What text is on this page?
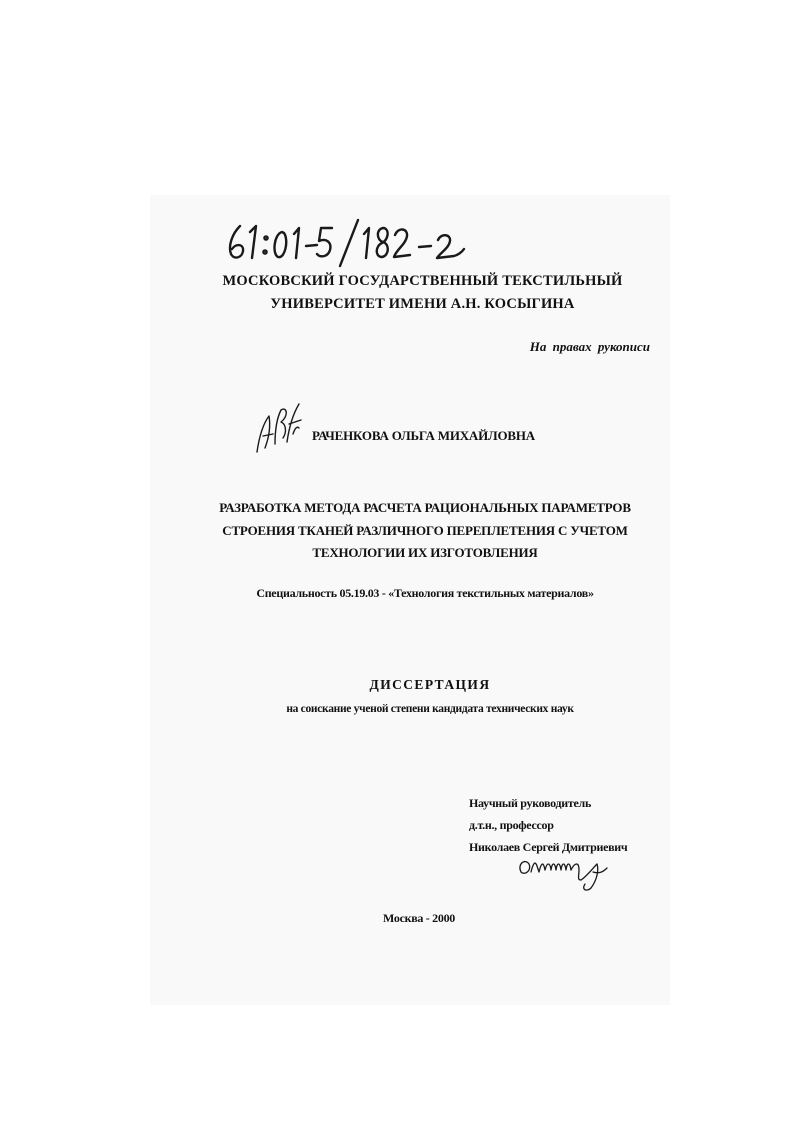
МОСКОВСКИЙ ГОСУДАРСТВЕННЫЙ ТЕКСТИЛЬНЫЙ
УНИВЕРСИТЕТ ИМЕНИ А.Н. КОСЫГИНА
На правах рукописи
РАЧЕНКОВА ОЛЬГА МИХАЙЛОВНА
РАЗРАБОТКА МЕТОДА РАСЧЕТА РАЦИОНАЛЬНЫХ ПАРАМЕТРОВ
СТРОЕНИЯ ТКАНЕЙ РАЗЛИЧНОГО ПЕРЕПЛЕТЕНИЯ С УЧЕТОМ
ТЕХНОЛОГИИ ИХ ИЗГОТОВЛЕНИЯ
Специальность 05.19.03 - «Технология текстильных материалов»
ДИССЕРТАЦИЯ
на соискание ученой степени кандидата технических наук
Научный руководитель
д.т.н., профессор
Николаев Сергей Дмитриевич
Москва - 2000
